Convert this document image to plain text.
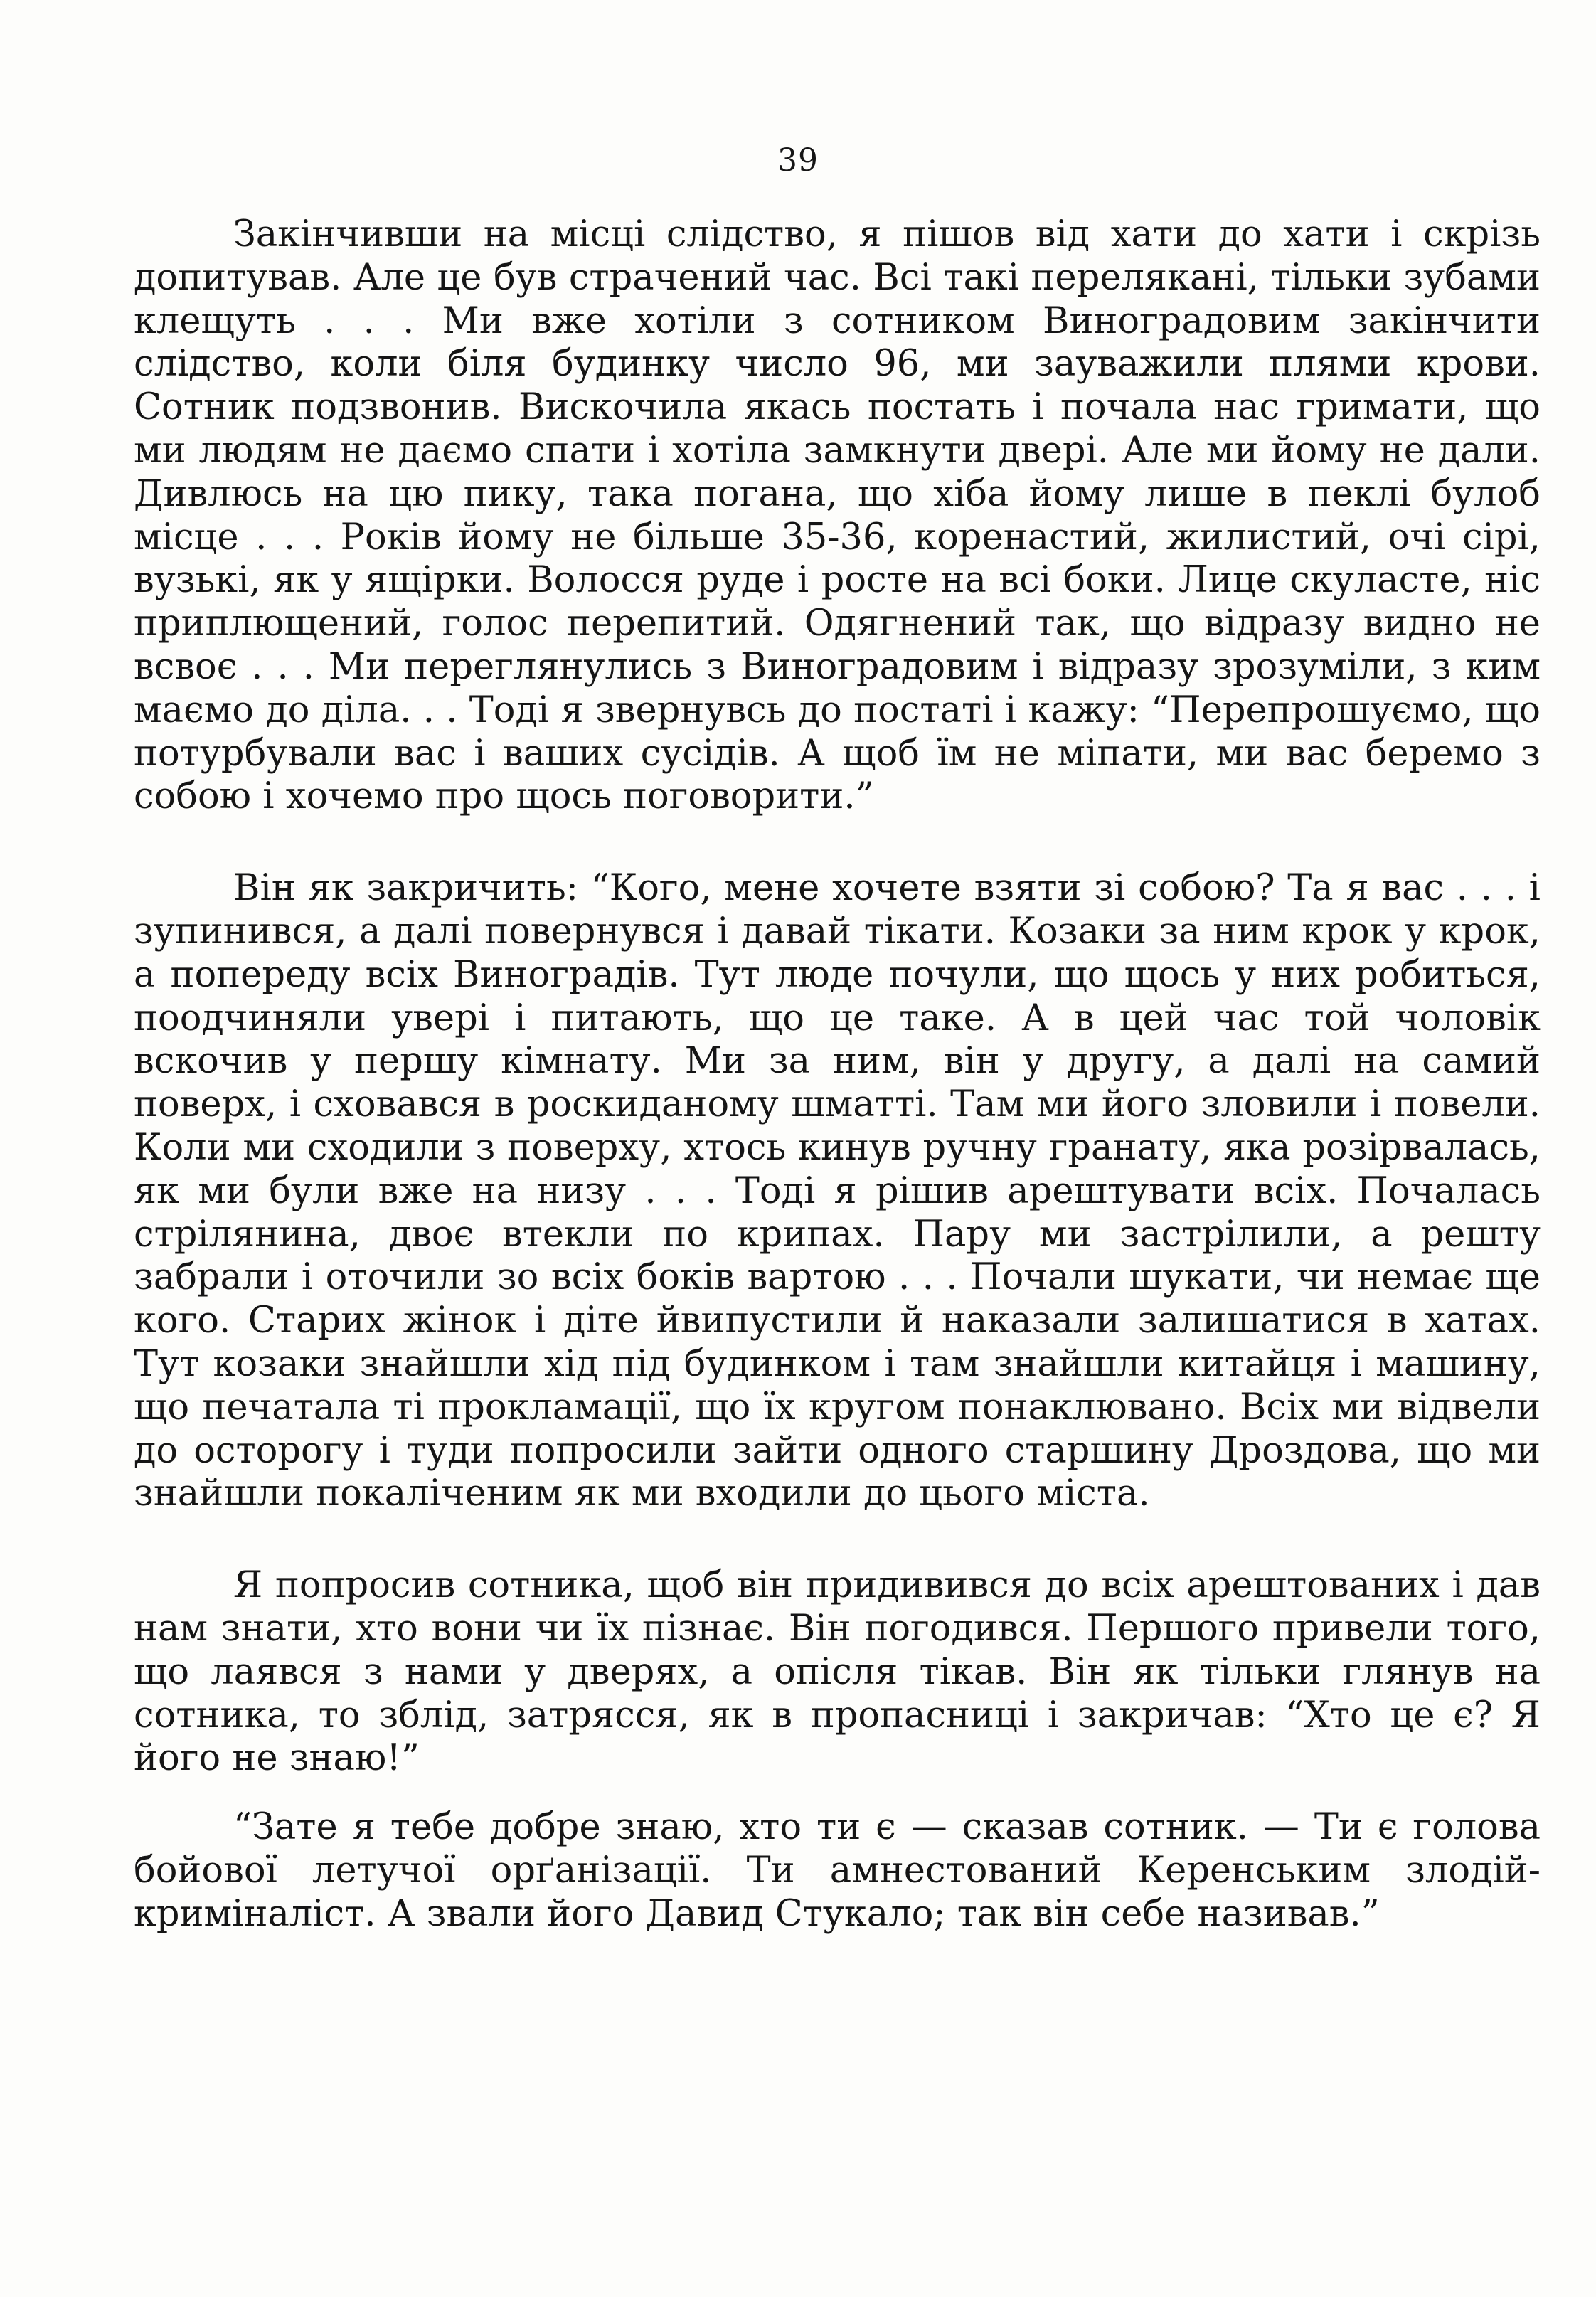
39

Закінчивши на місці слідство, я пішов від хати до хати і скрізь допитував. Але це був страчений час. Всі такі перелякані, тільки зубами клещуть . . . Ми вже хотіли з сотником Виноградовим закінчити слідство, коли біля будинку число 96, ми зауважили плями крови. Сотник подзвонив. Вискочила якась постать і почала нас гримати, що ми людям не даємо спати і хотіла замкнути двері. Але ми йому не дали. Дивлюсь на цю пику, така погана, що хіба йому лише в пеклі булоб місце . . . Років йому не більше 35-36, коренастий, жилистий, очі сірі, вузькі, як у ящірки. Волосся руде і росте на всі боки. Лице скуласте, ніс приплющений, голос перепитий. Одягнений так, що відразу видно не всвоє . . . Ми переглянулись з Виноградовим і відразу зрозуміли, з ким маємо до діла. . . Тоді я звернувсь до постаті і кажу: “Перепрошуємо, що потурбували вас і ваших сусідів. А щоб їм не міпати, ми вас беремо з собою і хочемо про щось поговорити.”

Він як закричить: “Кого, мене хочете взяти зі собою? Та я вас . . . і зупинився, а далі повернувся і давай тікати. Козаки за ним крок у крок, а попереду всіх Виноградів. Тут люде почули, що щось у них робиться, поодчиняли увері і питають, що це таке. А в цей час той чоловік вскочив у першу кімнату. Ми за ним, він у другу, а далі на самий поверх, і сховався в роскиданому шматті. Там ми його зловили і повели. Коли ми сходили з поверху, хтось кинув ручну гранату, яка розірвалась, як ми були вже на низу . . . Тоді я рішив арештувати всіх. Почалась стрілянина, двоє втекли по крипах. Пару ми застрілили, а решту забрали і оточили зо всіх боків вартою . . . Почали шукати, чи немає ще кого. Старих жінок і діте йвипустили й наказали залишатися в хатах. Тут козаки знайшли хід під будинком і там знайшли китайця і машину, що печатала ті прокламації, що їх кругом понаклювано. Всіх ми відвели до осторогу і туди попросили зайти одного старшину Дроздова, що ми знайшли покаліченим як ми входили до цього міста.

Я попросив сотника, щоб він придивився до всіх арештованих і дав нам знати, хто вони чи їх пізнає. Він погодився. Першого привели того, що лаявся з нами у дверях, а опісля тікав. Він як тільки глянув на сотника, то зблід, затрясся, як в пропасниці і закричав: “Хто це є? Я його не знаю!”

“Зате я тебе добре знаю, хто ти є — сказав сотник. — Ти є голова бойової летучої орґанізації. Ти амнестований Керенським злодій-криміналіст. А звали його Давид Стукало; так він себе називав.”
